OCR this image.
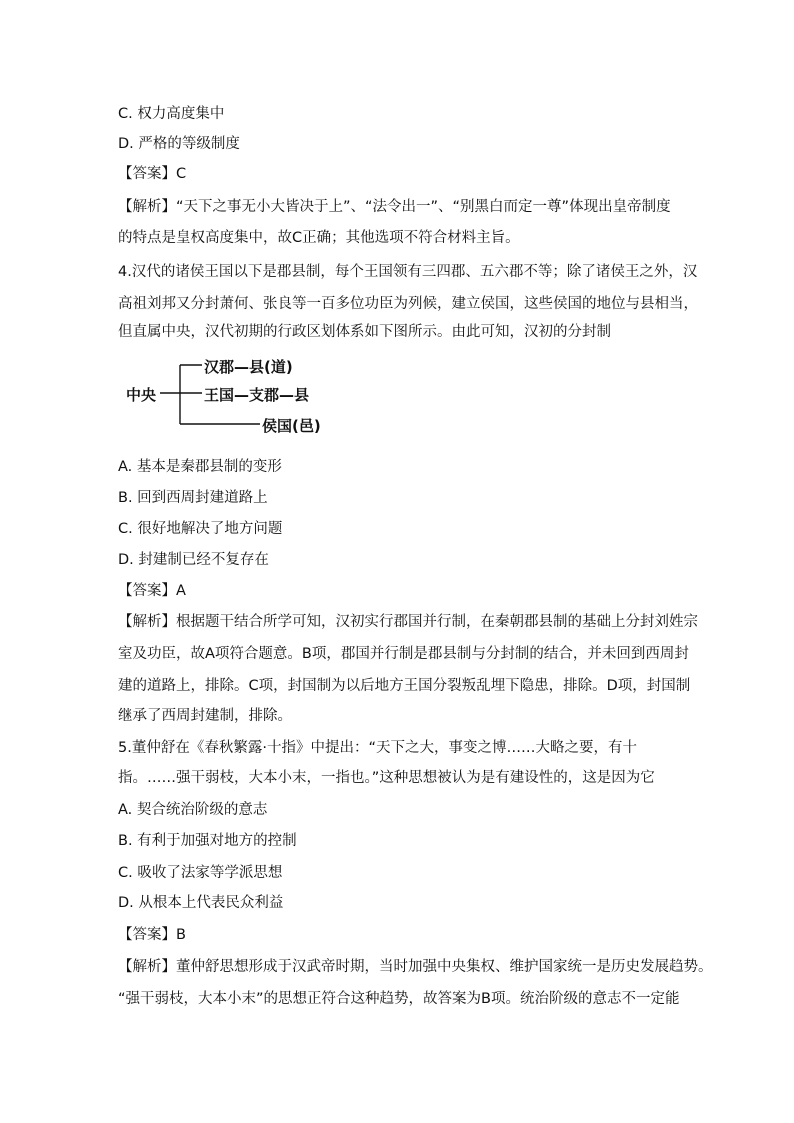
C. 权力高度集中
D. 严格的等级制度
【答案】C
【解析】“天下之事无小大皆决于上”、“法令出一”、“别黑白而定一尊”体现出皇帝制度
的特点是皇权高度集中，故C正确；其他选项不符合材料主旨。
4.汉代的诸侯王国以下是郡县制，每个王国领有三四郡、五六郡不等；除了诸侯王之外，汉
高祖刘邦又分封萧何、张良等一百多位功臣为列候，建立侯国，这些侯国的地位与县相当，
但直属中央，汉代初期的行政区划体系如下图所示。由此可知，汉初的分封制
中央
汉郡—县(道)
王国—支郡—县
侯国(邑)
A. 基本是秦郡县制的变形
B. 回到西周封建道路上
C. 很好地解决了地方问题
D. 封建制已经不复存在
【答案】A
【解析】根据题干结合所学可知，汉初实行郡国并行制，在秦朝郡县制的基础上分封刘姓宗
室及功臣，故A项符合题意。B项，郡国并行制是郡县制与分封制的结合，并未回到西周封
建的道路上，排除。C项，封国制为以后地方王国分裂叛乱埋下隐患，排除。D项，封国制
继承了西周封建制，排除。
5.董仲舒在《春秋繁露·十指》中提出：“天下之大，事变之博……大略之要，有十
指。……强干弱枝，大本小末，一指也。”这种思想被认为是有建设性的，这是因为它
A. 契合统治阶级的意志
B. 有利于加强对地方的控制
C. 吸收了法家等学派思想
D. 从根本上代表民众利益
【答案】B
【解析】董仲舒思想形成于汉武帝时期，当时加强中央集权、维护国家统一是历史发展趋势。
“强干弱枝，大本小末”的思想正符合这种趋势，故答案为B项。统治阶级的意志不一定能
